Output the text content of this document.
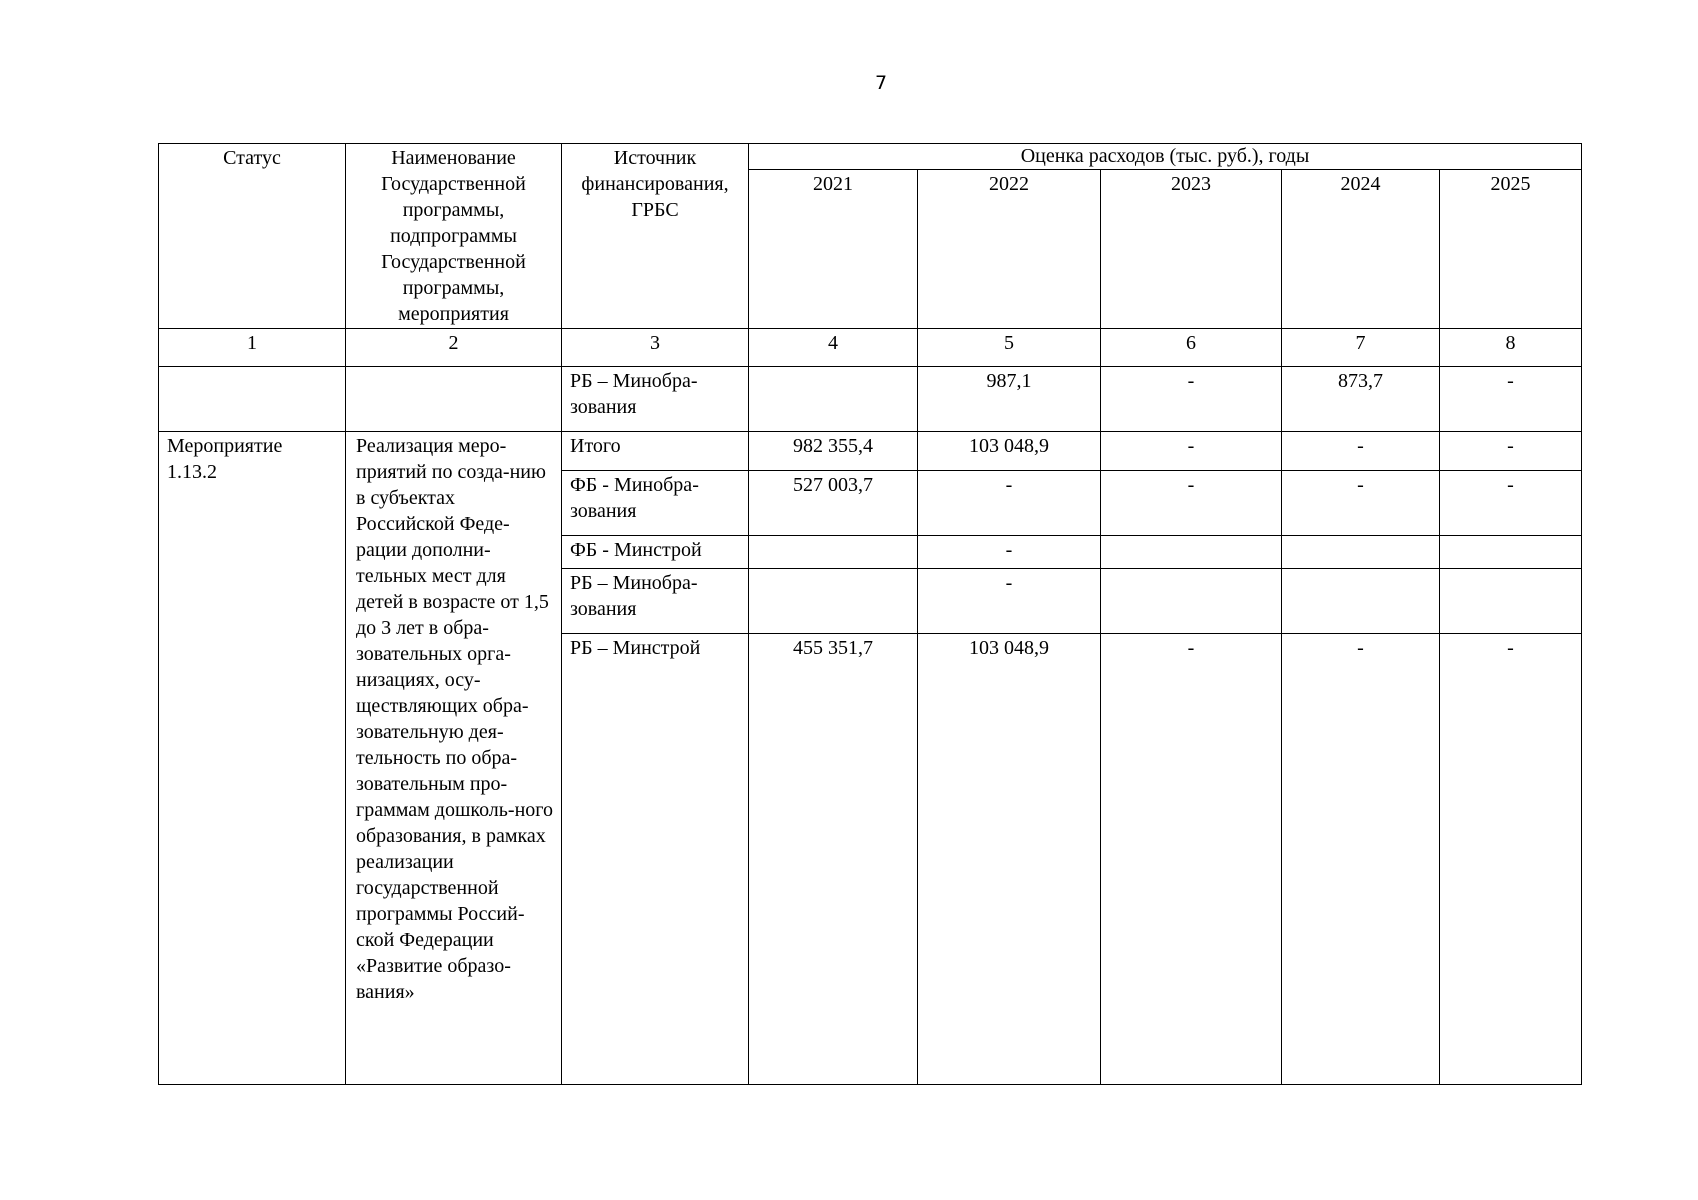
7
Статус	Наименование Государственной программы, подпрограммы Государственной программы, мероприятия	Источник финансирования, ГРБС	Оценка расходов (тыс. руб.), годы				
			2021	2022	2023	2024	2025
1	2	3	4	5	6	7	8
		РБ – Минобра-зования		987,1	-	873,7	-
Мероприятие 1.13.2	Реализация меро-приятий по созда-нию в субъектах Российской Феде-рации дополни-тельных мест для детей в возрасте от 1,5 до 3 лет в обра-зовательных орга-низациях, осу-ществляющих обра-зовательную дея-тельность по обра-зовательным про-граммам дошколь-ного образования, в рамках реализации государственной программы Россий-ской Федерации «Развитие образо-вания»	Итого	982 355,4	103 048,9	-	-	-
		ФБ - Минобра-зования	527 003,7	-	-	-	-
		ФБ - Минстрой		-			
		РБ – Минобра-зования		-			
		РБ – Минстрой	455 351,7	103 048,9	-	-	-
